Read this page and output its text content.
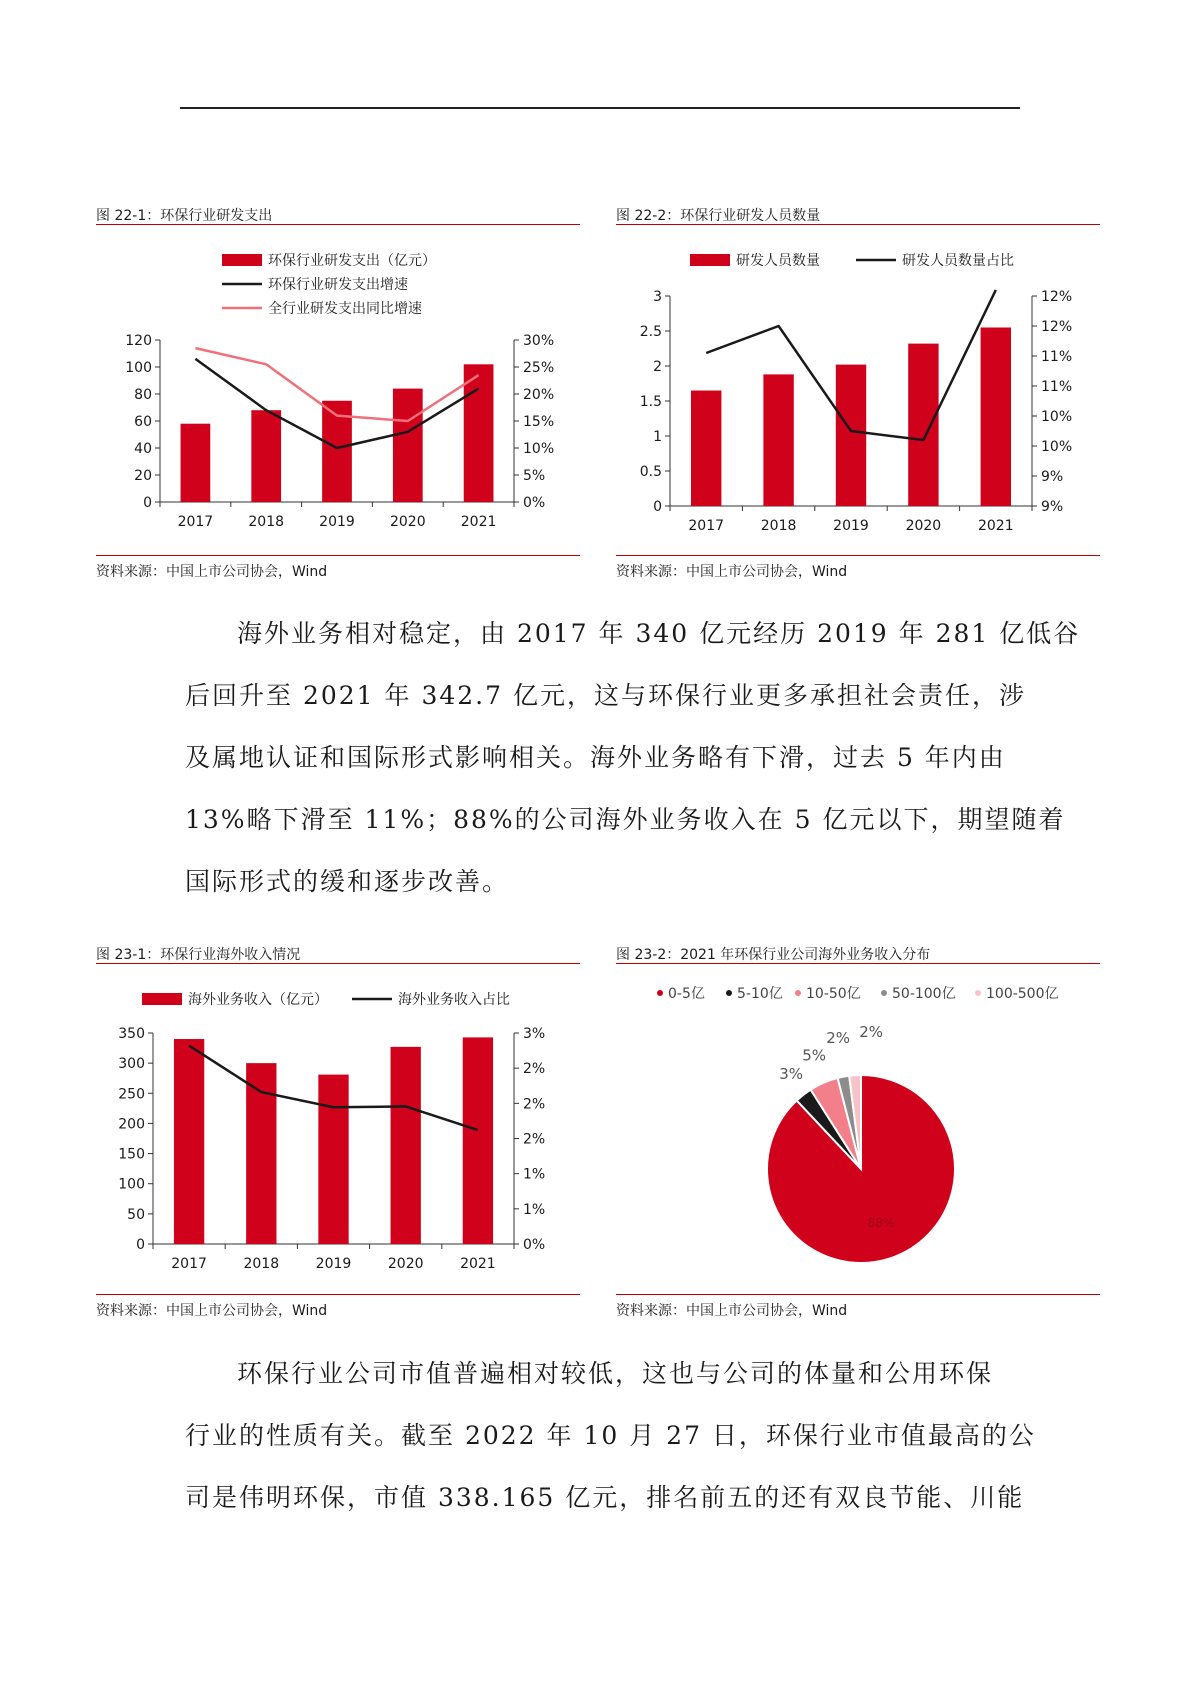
图 22-1：环保行业研发支出
环保行业研发支出（亿元）
环保行业研发支出增速
全行业研发支出同比增速
0
20
40
60
80
100
120
0%
5%
10%
15%
20%
25%
30%
2017	2018	2019	2020	2021
资料来源：中国上市公司协会，Wind
图 22-2：环保行业研发人员数量
研发人员数量	研发人员数量占比
0
0.5
1
1.5
2
2.5
3
9%
9%
10%
10%
11%
11%
12%
12%
2017	2018	2019	2020	2021
资料来源：中国上市公司协会，Wind
海外业务相对稳定，由 2017 年 340 亿元经历 2019 年 281 亿低谷
后回升至 2021 年 342.7 亿元，这与环保行业更多承担社会责任，涉
及属地认证和国际形式影响相关。海外业务略有下滑，过去 5 年内由
13%略下滑至 11%；88%的公司海外业务收入在 5 亿元以下，期望随着
国际形式的缓和逐步改善。
图 23-1：环保行业海外收入情况
海外业务收入（亿元）	海外业务收入占比
0
50
100
150
200
250
300
350
0%
1%
1%
2%
2%
2%
3%
2017	2018	2019	2020	2021
资料来源：中国上市公司协会，Wind
图 23-2：2021 年环保行业公司海外业务收入分布
0-5亿 5-10亿 10-50亿 50-100亿 100-500亿
88%
3%
5%
2% 2%
资料来源：中国上市公司协会，Wind
环保行业公司市值普遍相对较低，这也与公司的体量和公用环保
行业的性质有关。截至 2022 年 10 月 27 日，环保行业市值最高的公
司是伟明环保，市值 338.165 亿元，排名前五的还有双良节能、川能
